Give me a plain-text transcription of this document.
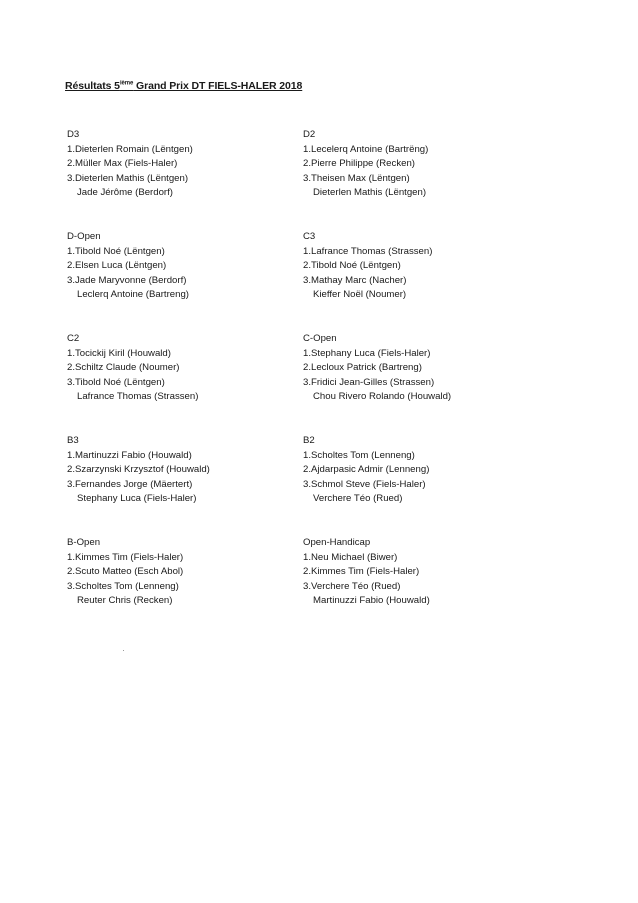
Résultats 5ième Grand Prix DT FIELS-HALER 2018
D3
1.Dieterlen Romain (Lëntgen)
2.Müller Max (Fiels-Haler)
3.Dieterlen Mathis (Lëntgen)
Jade Jérôme (Berdorf)
D2
1.Lecelerq Antoine (Bartrëng)
2.Pierre Philippe (Recken)
3.Theisen Max (Lëntgen)
Dieterlen Mathis (Lëntgen)
D-Open
1.Tibold Noé (Lëntgen)
2.Elsen Luca (Lëntgen)
3.Jade Maryvonne (Berdorf)
Leclerq Antoine (Bartreng)
C3
1.Lafrance Thomas (Strassen)
2.Tibold Noé (Lëntgen)
3.Mathay Marc (Nacher)
Kieffer Noël (Noumer)
C2
1.Tocickij Kiril (Houwald)
2.Schiltz Claude (Noumer)
3.Tibold Noé (Lëntgen)
Lafrance Thomas (Strassen)
C-Open
1.Stephany Luca (Fiels-Haler)
2.Lecloux Patrick (Bartreng)
3.Fridici Jean-Gilles (Strassen)
Chou Rivero Rolando (Houwald)
B3
1.Martinuzzi Fabio (Houwald)
2.Szarzynski Krzysztof (Houwald)
3.Fernandes Jorge (Mäertert)
Stephany Luca (Fiels-Haler)
B2
1.Scholtes Tom (Lenneng)
2.Ajdarpasic Admir (Lenneng)
3.Schmol Steve (Fiels-Haler)
Verchere Téo (Rued)
B-Open
1.Kimmes Tim (Fiels-Haler)
2.Scuto Matteo (Esch Abol)
3.Scholtes Tom (Lenneng)
Reuter Chris (Recken)
Open-Handicap
1.Neu Michael (Biwer)
2.Kimmes Tim (Fiels-Haler)
3.Verchere Téo (Rued)
Martinuzzi Fabio (Houwald)
